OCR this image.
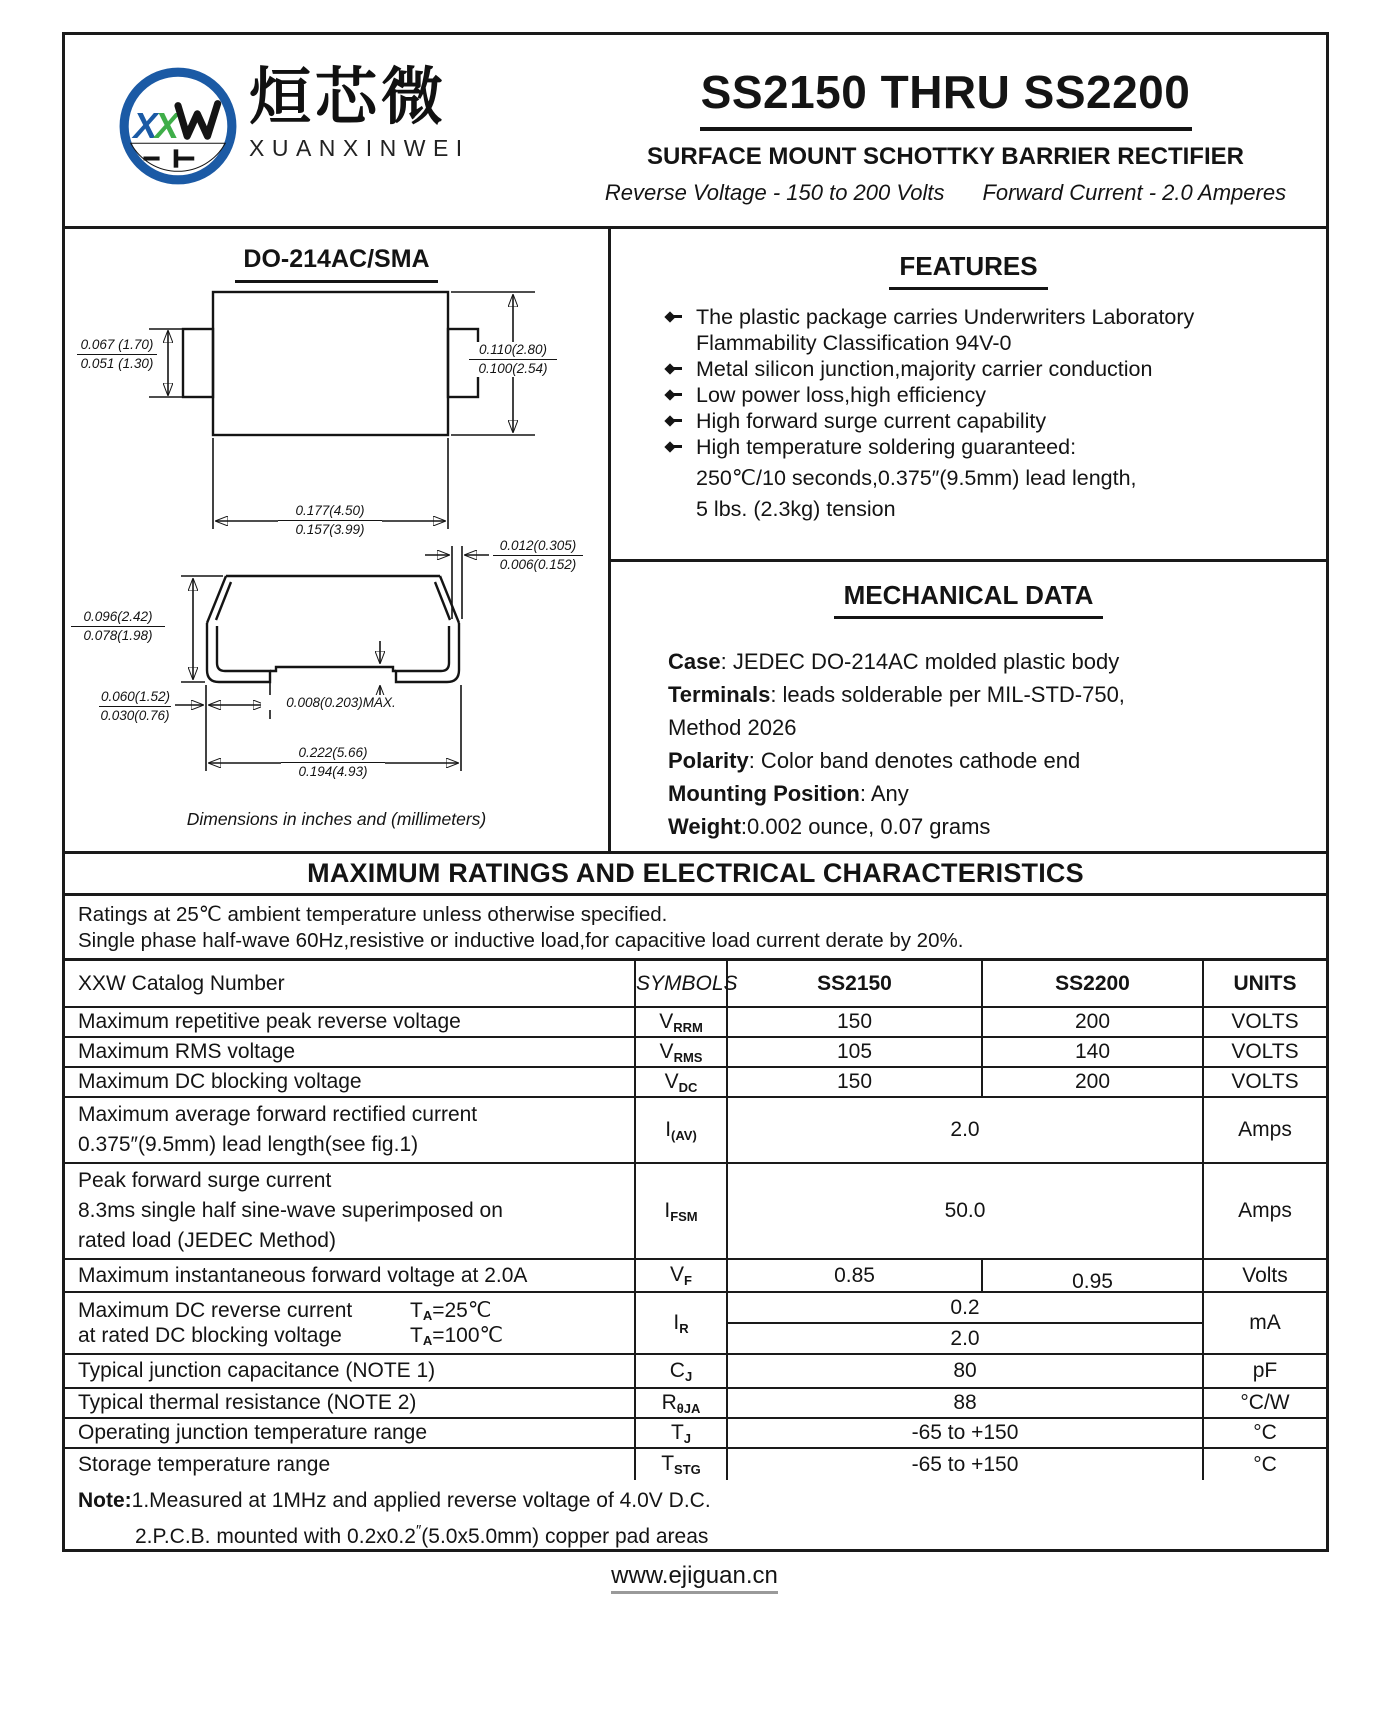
X
X 烜芯微
XUANXINWEI
SS2150 THRU SS2200
SURFACE MOUNT SCHOTTKY BARRIER RECTIFIER
Reverse Voltage - 150 to 200 Volts Forward Current - 2.0 Amperes
DO-214AC/SMA
0.067 (1.70)
0.051 (1.30)
0.110(2.80)
0.100(2.54)
0.177(4.50)
0.157(3.99)
0.012(0.305)
0.006(0.152)
0.096(2.42)
0.078(1.98)
0.060(1.52)
0.030(0.76)
0.008(0.203)MAX.
0.222(5.66)
0.194(4.93)
Dimensions in inches and (millimeters)
FEATURES
The plastic package carries Underwriters Laboratory
Flammability Classification 94V-0
Metal silicon junction,majority carrier conduction
Low power loss,high efficiency
High forward surge current capability
High temperature soldering guaranteed:
250℃/10 seconds,0.375″(9.5mm) lead length,
5 lbs. (2.3kg) tension
MECHANICAL DATA
Case: JEDEC DO-214AC molded plastic body
Terminals: leads solderable per MIL-STD-750,
Method 2026
Polarity: Color band denotes cathode end
Mounting Position: Any
Weight:0.002 ounce, 0.07 grams
MAXIMUM RATINGS AND ELECTRICAL CHARACTERISTICS
Ratings at 25℃ ambient temperature unless otherwise specified.
Single phase half-wave 60Hz,resistive or inductive load,for capacitive load current derate by 20%.
XXW Catalog Number	SYMBOLS	SS2150	SS2200	UNITS
Maximum repetitive peak reverse voltage	VRRM	150	200	VOLTS
Maximum RMS voltage	VRMS	105	140	VOLTS
Maximum DC blocking voltage	VDC	150	200	VOLTS

Maximum average forward rectified current
0.375″(9.5mm) lead length(see fig.1)	I(AV)	2.0		Amps

Peak forward surge current
8.3ms single half sine-wave superimposed on
rated load (JEDEC Method)	IFSM	50.0		Amps
Maximum instantaneous forward voltage at 2.0A	VF	0.85	0.95	Volts

Maximum DC reverse current TA=25℃
at rated DC blocking voltage TA=100℃	IR	0.2		mA
		2.0		
Typical junction capacitance (NOTE 1)	CJ	80		pF
Typical thermal resistance (NOTE 2)	RθJA	88		°C/W
Operating junction temperature range	TJ	-65 to +150		°C
Storage temperature range	TSTG	-65 to +150		°C
Note:1.Measured at 1MHz and applied reverse voltage of 4.0V D.C.
2.P.C.B. mounted with 0.2x0.2″(5.0x5.0mm) copper pad areas
www.ejiguan.cn
